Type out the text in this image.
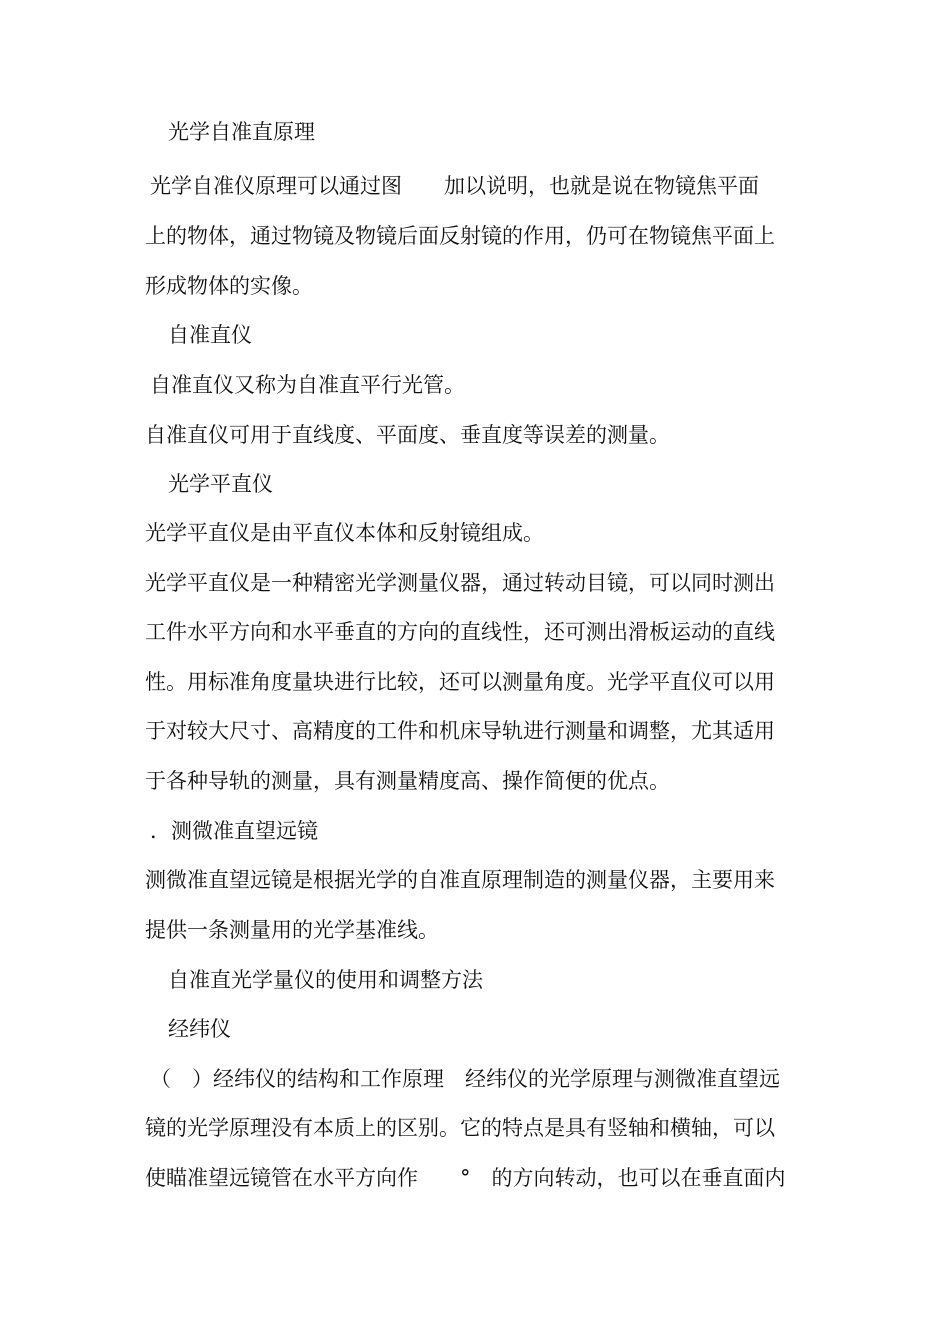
光学自准直原理
光学自准仪原理可以通过图　　加以说明，也就是说在物镜焦平面
上的物体，通过物镜及物镜后面反射镜的作用，仍可在物镜焦平面上
形成物体的实像。
自准直仪
自准直仪又称为自准直平行光管。
自准直仪可用于直线度、平面度、垂直度等误差的测量。
光学平直仪
光学平直仪是由平直仪本体和反射镜组成。
光学平直仪是一种精密光学测量仪器，通过转动目镜，可以同时测出
工件水平方向和水平垂直的方向的直线性，还可测出滑板运动的直线
性。用标准角度量块进行比较，还可以测量角度。光学平直仪可以用
于对较大尺寸、高精度的工件和机床导轨进行测量和调整，尤其适用
于各种导轨的测量，具有测量精度高、操作简便的优点。
．测微准直望远镜
测微准直望远镜是根据光学的自准直原理制造的测量仪器，主要用来
提供一条测量用的光学基准线。
自准直光学量仪的使用和调整方法
经纬仪
（　）经纬仪的结构和工作原理　经纬仪的光学原理与测微准直望远
镜的光学原理没有本质上的区别。它的特点是具有竖轴和横轴，可以
使瞄准望远镜管在水平方向作　　°　的方向转动，也可以在垂直面内
